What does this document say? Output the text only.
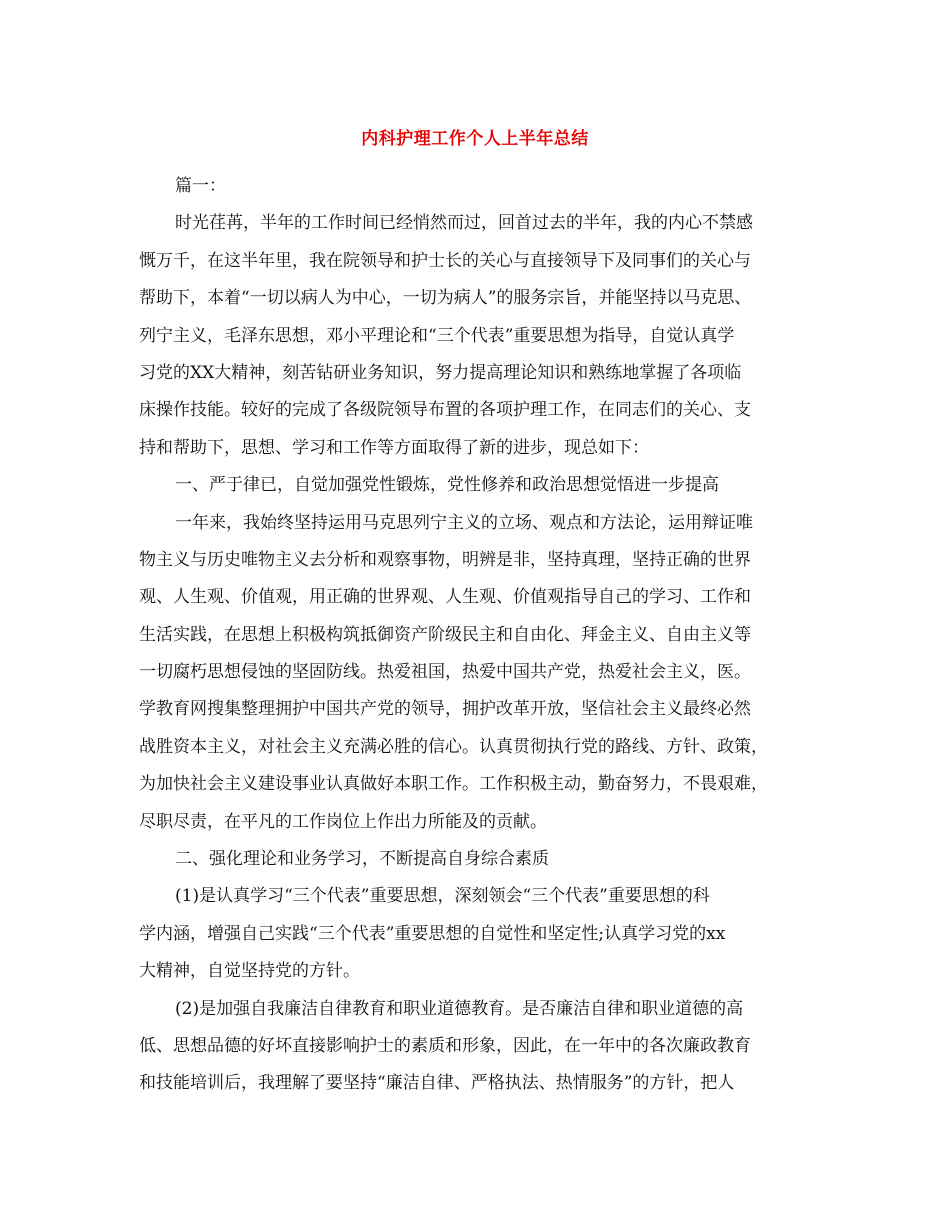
内科护理工作个人上半年总结
篇一：
时光荏苒，半年的工作时间已经悄然而过，回首过去的半年，我的内心不禁感
慨万千，在这半年里，我在院领导和护士长的关心与直接领导下及同事们的关心与
帮助下，本着“一切以病人为中心，一切为病人”的服务宗旨，并能坚持以马克思、
列宁主义，毛泽东思想，邓小平理论和“三个代表”重要思想为指导，自觉认真学
习党的XX大精神，刻苦钻研业务知识，努力提高理论知识和熟练地掌握了各项临
床操作技能。较好的完成了各级院领导布置的各项护理工作，在同志们的关心、支
持和帮助下，思想、学习和工作等方面取得了新的进步，现总如下：
一、严于律已，自觉加强党性锻炼，党性修养和政治思想觉悟进一步提高
一年来，我始终坚持运用马克思列宁主义的立场、观点和方法论，运用辩证唯
物主义与历史唯物主义去分析和观察事物，明辨是非，坚持真理，坚持正确的世界
观、人生观、价值观，用正确的世界观、人生观、价值观指导自己的学习、工作和
生活实践，在思想上积极构筑抵御资产阶级民主和自由化、拜金主义、自由主义等
一切腐朽思想侵蚀的坚固防线。热爱祖国，热爱中国共产党，热爱社会主义，医。
学教育网搜集整理拥护中国共产党的领导，拥护改革开放，坚信社会主义最终必然
战胜资本主义，对社会主义充满必胜的信心。认真贯彻执行党的路线、方针、政策，
为加快社会主义建设事业认真做好本职工作。工作积极主动，勤奋努力，不畏艰难，
尽职尽责，在平凡的工作岗位上作出力所能及的贡献。
二、强化理论和业务学习，不断提高自身综合素质
(1)是认真学习“三个代表”重要思想，深刻领会“三个代表”重要思想的科
学内涵，增强自己实践“三个代表”重要思想的自觉性和坚定性;认真学习党的xx
大精神，自觉坚持党的方针。
(2)是加强自我廉洁自律教育和职业道德教育。是否廉洁自律和职业道德的高
低、思想品德的好坏直接影响护士的素质和形象，因此，在一年中的各次廉政教育
和技能培训后，我理解了要坚持“廉洁自律、严格执法、热情服务”的方针，把人
